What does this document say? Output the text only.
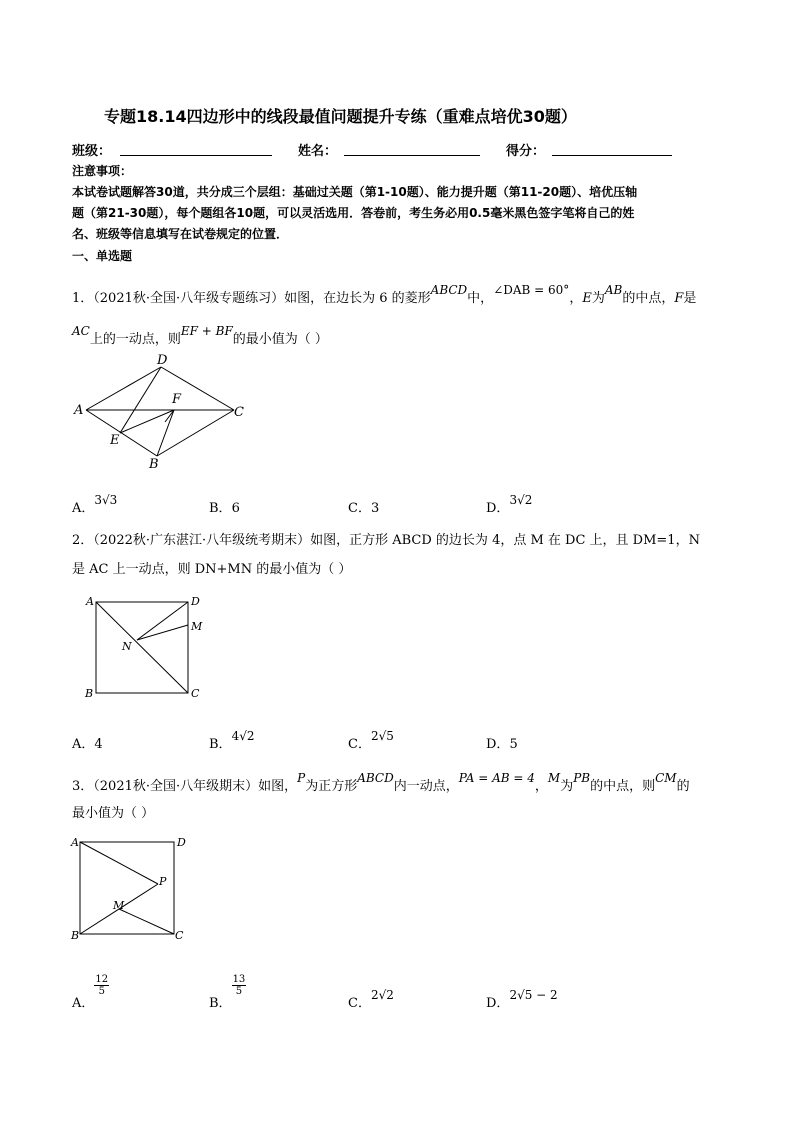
专题18.14四边形中的线段最值问题提升专练（重难点培优30题）
班级：	姓名：	得分：
注意事项：
本试卷试题解答30道，共分成三个层组：基础过关题（第1-10题）、能力提升题（第11-20题）、培优压轴
题（第21-30题），每个题组各10题，可以灵活选用．答卷前，考生务必用0.5毫米黑色签字笔将自己的姓
名、班级等信息填写在试卷规定的位置．
一、单选题
1．（2021秋·全国·八年级专题练习）如图，在边长为 6 的菱形ABCD中，∠DAB = 60°，E为AB的中点，F是
AC上的一动点，则EF + BF的最小值为（ ）
A
D
C
B
E
F
A．3√3
B．6	C．3	D．3√2
2．（2022秋·广东湛江·八年级统考期末）如图，正方形 ABCD 的边长为 4，点 M 在 DC 上，且 DM=1，N
是 AC 上一动点，则 DN+MN 的最小值为（ ）
A	D
M
N
B	C
A．4	B．4√2
C．2√5
D．5
3．（2021秋·全国·八年级期末）如图，P为正方形ABCD内一动点，PA = AB = 4，M为PB的中点，则CM的
最小值为（ ）
A	D
P
M
B	C
A．
$\frac{12}{5}$
B．
$\frac{13}{5}$
C．2√2
D．2√5 − 2
